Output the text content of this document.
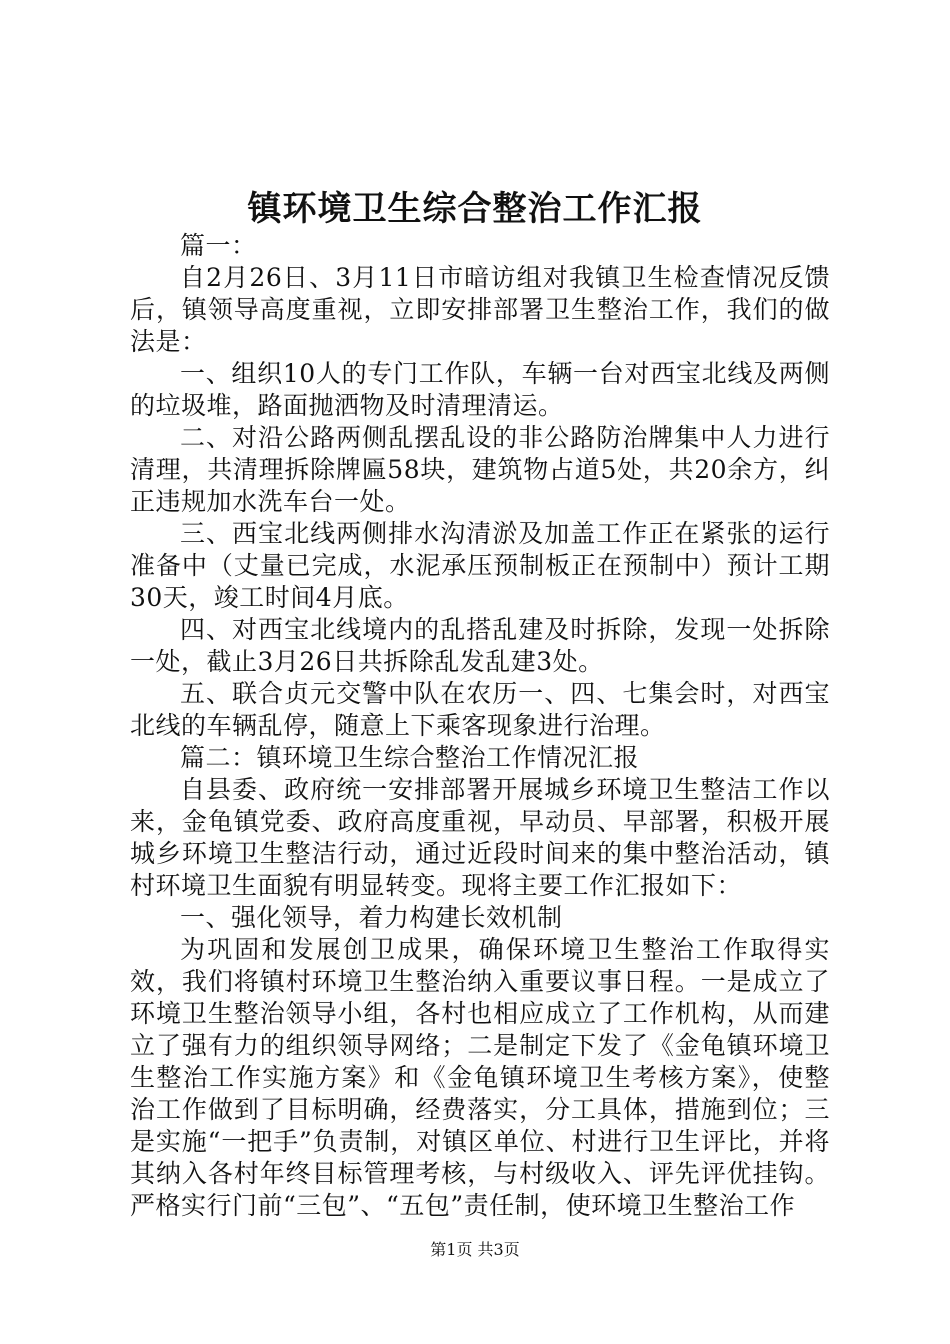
镇环境卫生综合整治工作汇报

篇一：

自2月26日、3月11日市暗访组对我镇卫生检查情况反馈后，镇领导高度重视，立即安排部署卫生整治工作，我们的做法是：

一、组织10人的专门工作队，车辆一台对西宝北线及两侧的垃圾堆，路面抛洒物及时清理清运。

二、对沿公路两侧乱摆乱设的非公路防治牌集中人力进行清理，共清理拆除牌匾58块，建筑物占道5处，共20余方，纠正违规加水洗车台一处。

三、西宝北线两侧排水沟清淤及加盖工作正在紧张的运行准备中（丈量已完成，水泥承压预制板正在预制中）预计工期30天，竣工时间4月底。

四、对西宝北线境内的乱搭乱建及时拆除，发现一处拆除一处，截止3月26日共拆除乱发乱建3处。

五、联合贞元交警中队在农历一、四、七集会时，对西宝北线的车辆乱停，随意上下乘客现象进行治理。

篇二：镇环境卫生综合整治工作情况汇报

自县委、政府统一安排部署开展城乡环境卫生整洁工作以来，金龟镇党委、政府高度重视，早动员、早部署，积极开展城乡环境卫生整洁行动，通过近段时间来的集中整治活动，镇村环境卫生面貌有明显转变。现将主要工作汇报如下：

一、强化领导，着力构建长效机制

为巩固和发展创卫成果，确保环境卫生整治工作取得实效，我们将镇村环境卫生整治纳入重要议事日程。一是成立了环境卫生整治领导小组，各村也相应成立了工作机构，从而建立了强有力的组织领导网络；二是制定下发了《金龟镇环境卫生整治工作实施方案》和《金龟镇环境卫生考核方案》，使整治工作做到了目标明确，经费落实，分工具体，措施到位；三是实施“一把手”负责制，对镇区单位、村进行卫生评比，并将其纳入各村年终目标管理考核，与村级收入、评先评优挂钩。严格实行门前“三包”、“五包”责任制，使环境卫生整治工作

第1页 共3页
